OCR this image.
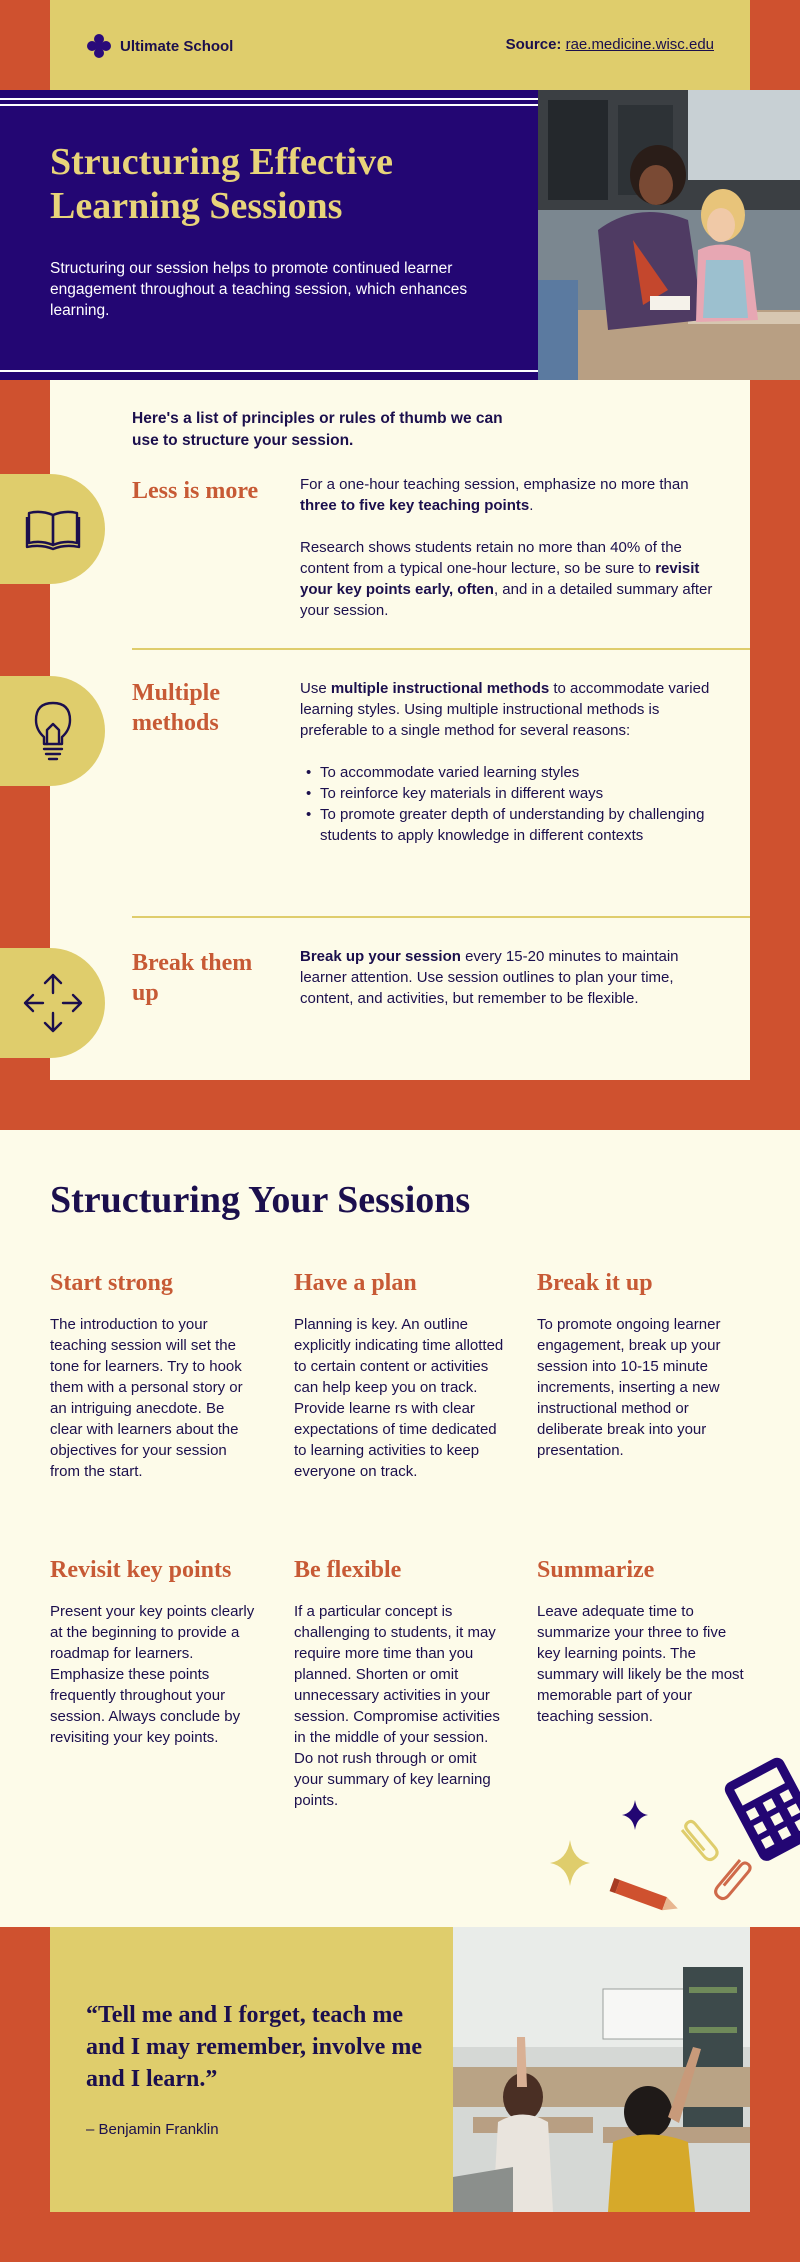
Ultimate School	Source: rae.medicine.wisc.edu
Structuring Effective Learning Sessions

Structuring our session helps to promote continued learner engagement throughout a teaching session, which enhances learning.

Here's a list of principles or rules of thumb we can use to structure your session.

Less is more	For a one-hour teaching session, emphasize no more than three to five key teaching points.

Research shows students retain no more than 40% of the content from a typical one-hour lecture, so be sure to revisit your key points early, often, and in a detailed summary after your session.

Multiple methods

Use multiple instructional methods to accommodate varied learning styles. Using multiple instructional methods is preferable to a single method for several reasons:

• To accommodate varied learning styles
• To reinforce key materials in different ways
• To promote greater depth of understanding by challenging students to apply knowledge in different contexts
Break them up

Break up your session every 15-20 minutes to maintain learner attention. Use session outlines to plan your time, content, and activities, but remember to be flexible.

Structuring Your Sessions
Start strong

The introduction to your teaching session will set the tone for learners. Try to hook them with a personal story or an intriguing anecdote. Be clear with learners about the objectives for your session from the start.

Have a plan

Planning is key. An outline explicitly indicating time allotted to certain content or activities can help keep you on track. Provide learne rs with clear expectations of time dedicated to learning activities to keep everyone on track.

Break it up

To promote ongoing learner engagement, break up your session into 10-15 minute increments, inserting a new instructional method or deliberate break into your presentation.

Revisit key points

Present your key points clearly at the beginning to provide a roadmap for learners. Emphasize these points frequently throughout your session. Always conclude by revisiting your key points.

Be flexible

If a particular concept is challenging to students, it may require more time than you planned. Shorten or omit unnecessary activities in your session. Compromise activities in the middle of your session. Do not rush through or omit your summary of key learning points.

Summarize

Leave adequate time to summarize your three to five key learning points. The summary will likely be the most memorable part of your teaching session.

“Tell me and I forget, teach me and I may remember, involve me and I learn.”

– Benjamin Franklin
